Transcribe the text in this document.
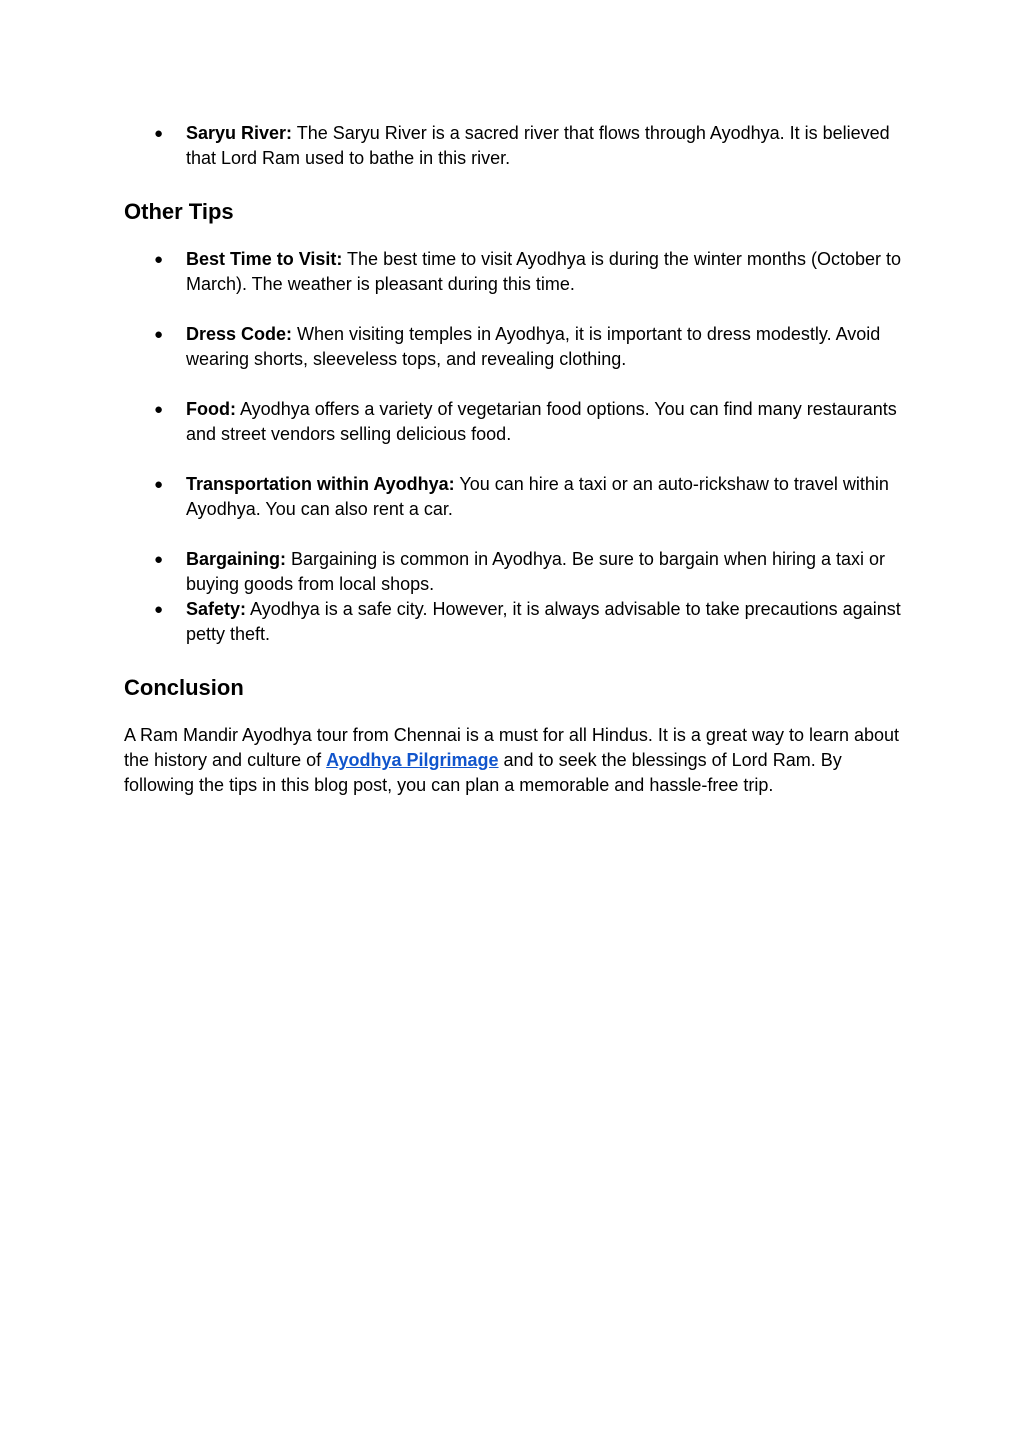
● Saryu River: The Saryu River is a sacred river that flows through Ayodhya. It is believed that Lord Ram used to bathe in this river.
Other Tips
● Best Time to Visit: The best time to visit Ayodhya is during the winter months (October to March). The weather is pleasant during this time.
● Dress Code: When visiting temples in Ayodhya, it is important to dress modestly. Avoid wearing shorts, sleeveless tops, and revealing clothing.
● Food: Ayodhya offers a variety of vegetarian food options. You can find many restaurants and street vendors selling delicious food.
● Transportation within Ayodhya: You can hire a taxi or an auto-rickshaw to travel within Ayodhya. You can also rent a car.
● Bargaining: Bargaining is common in Ayodhya. Be sure to bargain when hiring a taxi or buying goods from local shops.
● Safety: Ayodhya is a safe city. However, it is always advisable to take precautions against petty theft.
Conclusion

A Ram Mandir Ayodhya tour from Chennai is a must for all Hindus. It is a great way to learn about the history and culture of Ayodhya Pilgrimage and to seek the blessings of Lord Ram. By following the tips in this blog post, you can plan a memorable and hassle-free trip.
